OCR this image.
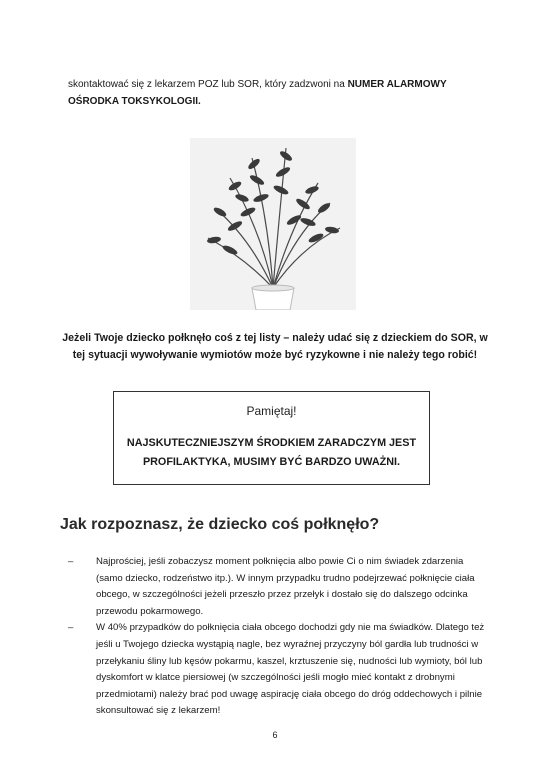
skontaktować się z lekarzem POZ lub SOR, który zadzwoni na NUMER ALARMOWY OŚRODKA TOKSYKOLOGII.
Jeżeli Twoje dziecko połknęło coś z tej listy – należy udać się z dzieckiem do SOR, w tej sytuacji wywoływanie wymiotów może być ryzykowne i nie należy tego robić!
Pamiętaj!
NAJSKUTECZNIEJSZYM ŚRODKIEM ZARADCZYM JEST PROFILAKTYKA, MUSIMY BYĆ BARDZO UWAŻNI.
Jak rozpoznasz, że dziecko coś połknęło?
– Najprościej, jeśli zobaczysz moment połknięcia albo powie Ci o nim świadek zdarzenia (samo dziecko, rodzeństwo itp.). W innym przypadku trudno podejrzewać połknięcie ciała obcego, w szczególności jeżeli przeszło przez przełyk i dostało się do dalszego odcinka przewodu pokarmowego.
– W 40% przypadków do połknięcia ciała obcego dochodzi gdy nie ma świadków. Dlatego też jeśli u Twojego dziecka wystąpią nagle, bez wyraźnej przyczyny ból gardła lub trudności w przełykaniu śliny lub kęsów pokarmu, kaszel, krztuszenie się, nudności lub wymioty, ból lub dyskomfort w klatce piersiowej (w szczególności jeśli mogło mieć kontakt z drobnymi przedmiotami) należy brać pod uwagę aspirację ciała obcego do dróg oddechowych i pilnie skonsultować się z lekarzem!
6
